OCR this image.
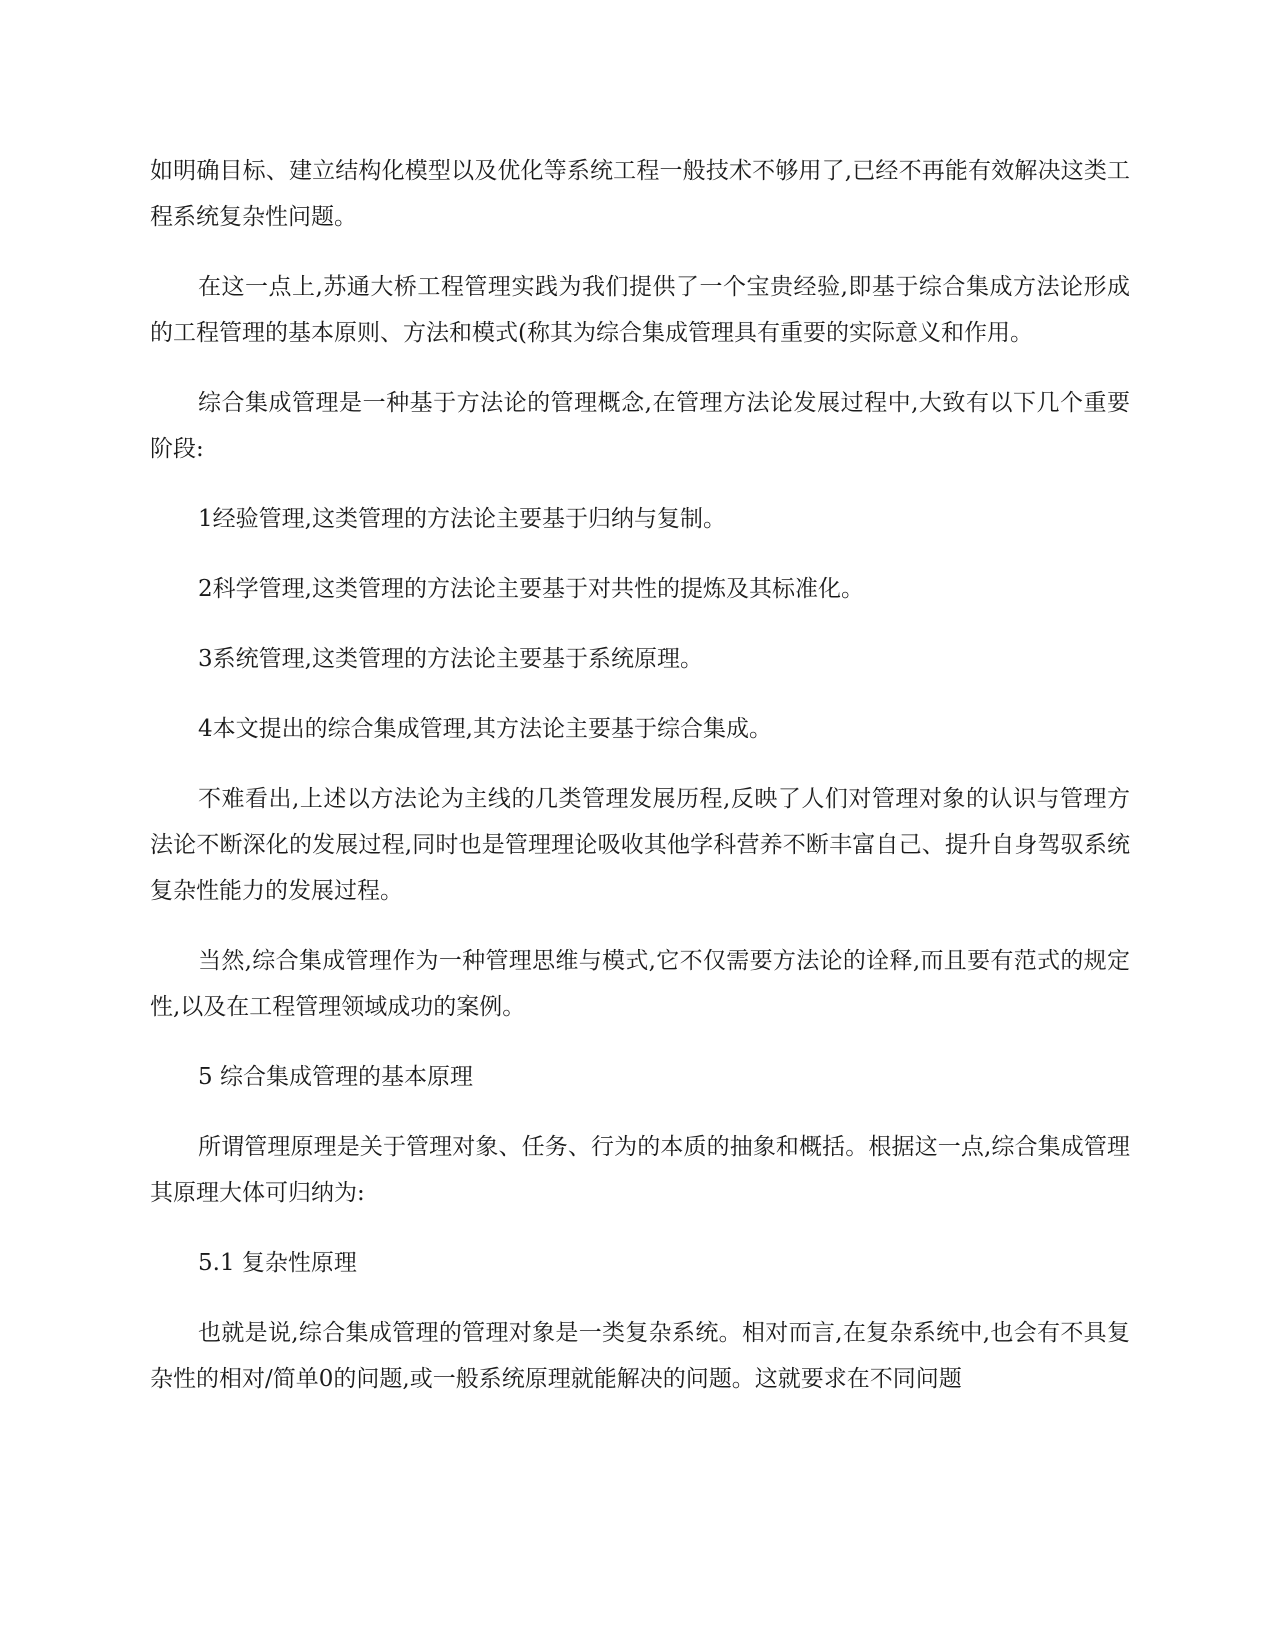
如明确目标、建立结构化模型以及优化等系统工程一般技术不够用了,已经不再能有效解决这类工程系统复杂性问题。

在这一点上,苏通大桥工程管理实践为我们提供了一个宝贵经验,即基于综合集成方法论形成的工程管理的基本原则、方法和模式(称其为综合集成管理具有重要的实际意义和作用。

综合集成管理是一种基于方法论的管理概念,在管理方法论发展过程中,大致有以下几个重要阶段:

1经验管理,这类管理的方法论主要基于归纳与复制。

2科学管理,这类管理的方法论主要基于对共性的提炼及其标准化。

3系统管理,这类管理的方法论主要基于系统原理。

4本文提出的综合集成管理,其方法论主要基于综合集成。

不难看出,上述以方法论为主线的几类管理发展历程,反映了人们对管理对象的认识与管理方法论不断深化的发展过程,同时也是管理理论吸收其他学科营养不断丰富自己、提升自身驾驭系统复杂性能力的发展过程。

当然,综合集成管理作为一种管理思维与模式,它不仅需要方法论的诠释,而且要有范式的规定性,以及在工程管理领域成功的案例。

5 综合集成管理的基本原理

所谓管理原理是关于管理对象、任务、行为的本质的抽象和概括。根据这一点,综合集成管理其原理大体可归纳为:

5.1 复杂性原理

也就是说,综合集成管理的管理对象是一类复杂系统。相对而言,在复杂系统中,也会有不具复杂性的相对/简单0的问题,或一般系统原理就能解决的问题。这就要求在不同问题
